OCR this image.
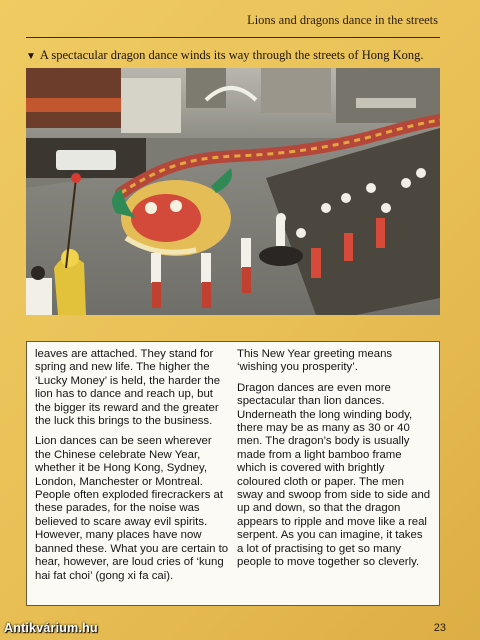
Lions and dragons dance in the streets
▼ A spectacular dragon dance winds its way through the streets of Hong Kong.

leaves are attached. They stand for spring and new life. The higher the ‘Lucky Money’ is held, the harder the lion has to dance and reach up, but the bigger its reward and the greater the luck this brings to the business.

Lion dances can be seen wherever the Chinese celebrate New Year, whether it be Hong Kong, Sydney, London, Manchester or Montreal. People often exploded firecrackers at these parades, for the noise was believed to scare away evil spirits. However, many places have now banned these. What you are certain to hear, however, are loud cries of ‘kung hai fat choi’ (gong xi fa cai).

This New Year greeting means ‘wishing you prosperity’.

Dragon dances are even more spectacular than lion dances. Underneath the long winding body, there may be as many as 30 or 40 men. The dragon’s body is usually made from a light bamboo frame which is covered with brightly coloured cloth or paper. The men sway and swoop from side to side and up and down, so that the dragon appears to ripple and move like a real serpent. As you can imagine, it takes a lot of practising to get so many people to move together so cleverly.

23
Antikvárium.hu
